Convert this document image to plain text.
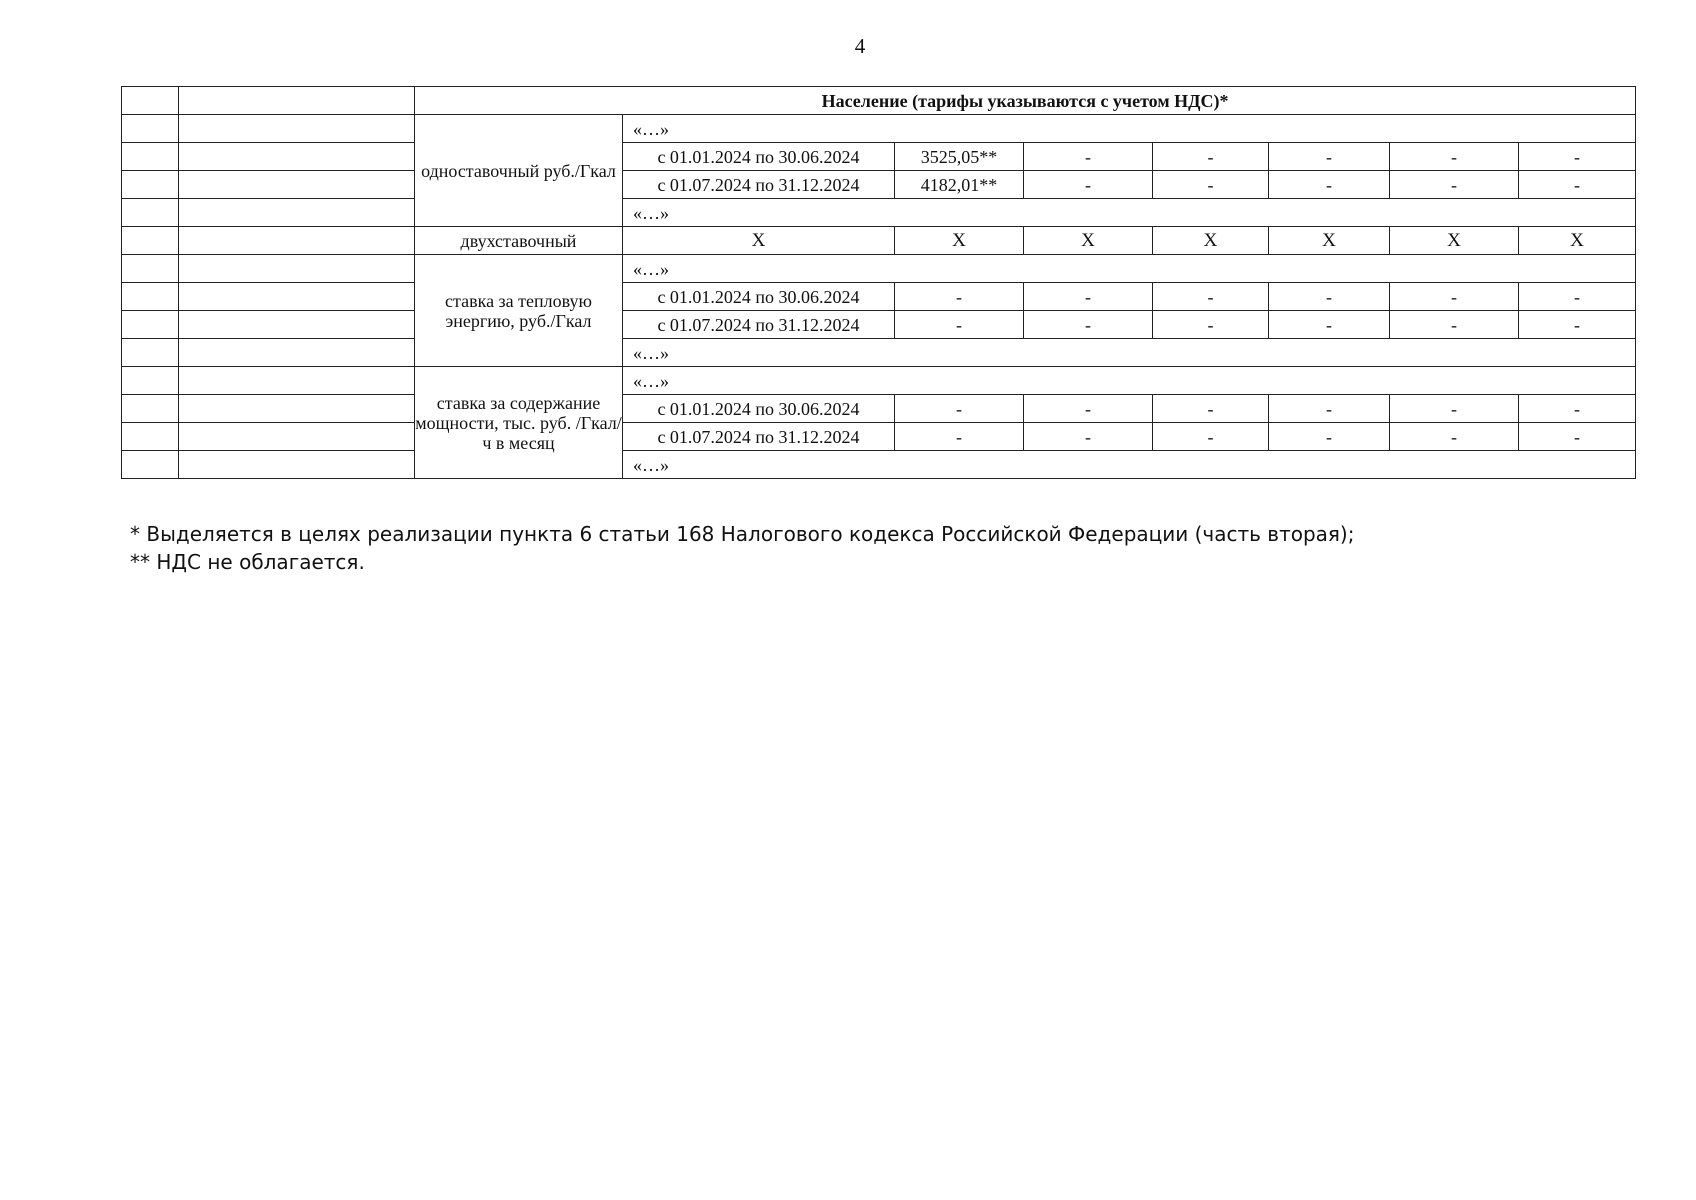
4
		Население (тарифы указываются с учетом НДС)*							
		одноставочный руб./Гкал	«…»						
			с 01.01.2024 по 30.06.2024	3525,05**	-	-	-	-	-
			с 01.07.2024 по 31.12.2024	4182,01**	-	-	-	-	-
			«…»						
		двухставочный	X	X	X	X	X	X	X
		ставка за тепловую энергию, руб./Гкал	«…»						
			с 01.01.2024 по 30.06.2024	-	-	-	-	-	-
			с 01.07.2024 по 31.12.2024	-	-	-	-	-	-
			«…»						
		ставка за содержание мощности, тыс. руб. /Гкал/ч в месяц	«…»						
			с 01.01.2024 по 30.06.2024	-	-	-	-	-	-
			с 01.07.2024 по 31.12.2024	-	-	-	-	-	-
			«…»						
* Выделяется в целях реализации пункта 6 статьи 168 Налогового кодекса Российской Федерации (часть вторая);
** НДС не облагается.
